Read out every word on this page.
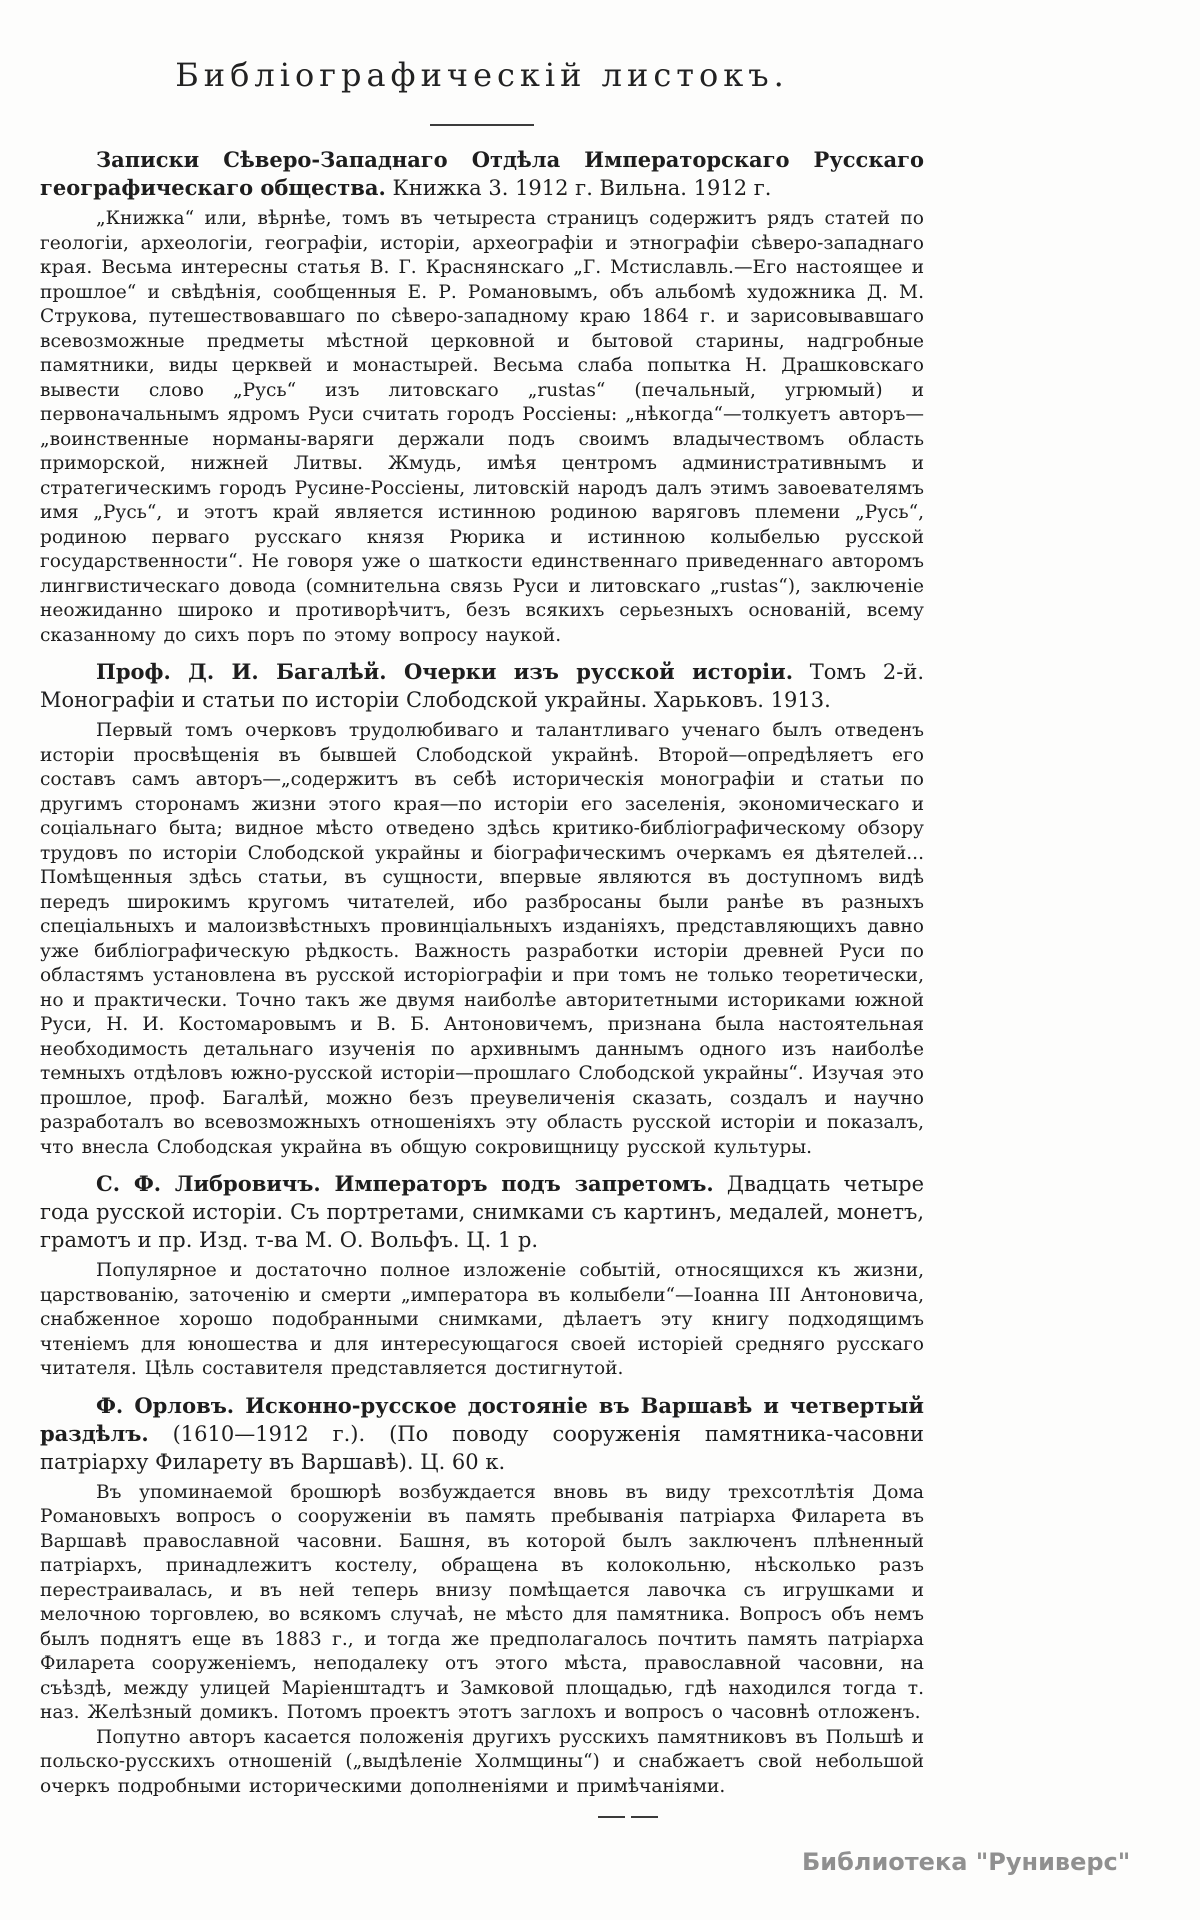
Библіографическій листокъ.
Записки Сѣверо-Западнаго Отдѣла Императорскаго Русскаго географическаго общества. Книжка 3. 1912 г. Вильна. 1912 г.

„Книжка“ или, вѣрнѣе, томъ въ четыреста страницъ содержитъ рядъ статей по геологіи, археологіи, географіи, исторіи, археографіи и этнографіи сѣверо-западнаго края. Весьма интересны статья В. Г. Краснянскаго „Г. Мстиславль.—Его настоящее и прошлое“ и свѣдѣнія, сообщенныя Е. Р. Романовымъ, объ альбомѣ художника Д. М. Струкова, путешествовавшаго по сѣверо-западному краю 1864 г. и зарисовывавшаго всевозможные предметы мѣстной церковной и бытовой старины, надгробные памятники, виды церквей и монастырей. Весьма слаба попытка Н. Драшковскаго вывести слово „Русь“ изъ литовскаго „rustas“ (печальный, угрюмый) и первоначальнымъ ядромъ Руси считать городъ Россіены: „нѣкогда“—толкуетъ авторъ—„воинственные норманы-варяги держали подъ своимъ владычествомъ область приморской, нижней Литвы. Жмудь, имѣя центромъ административнымъ и стратегическимъ городъ Русине-Россіены, литовскій народъ далъ этимъ завоевателямъ имя „Русь“, и этотъ край является истинною родиною варяговъ племени „Русь“, родиною перваго русскаго князя Рюрика и истинною колыбелью русской государственности“. Не говоря уже о шаткости единственнаго приведеннаго авторомъ лингвистическаго довода (сомнительна связь Руси и литовскаго „rustas“), заключеніе неожиданно широко и противорѣчитъ, безъ всякихъ серьезныхъ основаній, всему сказанному до сихъ поръ по этому вопросу наукой.

Проф. Д. И. Багалѣй. Очерки изъ русской исторіи. Томъ 2-й. Монографіи и статьи по исторіи Слободской украйны. Харьковъ. 1913.

Первый томъ очерковъ трудолюбиваго и талантливаго ученаго былъ отведенъ исторіи просвѣщенія въ бывшей Слободской украйнѣ. Второй—опредѣляетъ его составъ самъ авторъ—„содержитъ въ себѣ историческія монографіи и статьи по другимъ сторонамъ жизни этого края—по исторіи его заселенія, экономическаго и соціальнаго быта; видное мѣсто отведено здѣсь критико-библіографическому обзору трудовъ по исторіи Слободской украйны и біографическимъ очеркамъ ея дѣятелей... Помѣщенныя здѣсь статьи, въ сущности, впервые являются въ доступномъ видѣ передъ широкимъ кругомъ читателей, ибо разбросаны были ранѣе въ разныхъ спеціальныхъ и малоизвѣстныхъ провинціальныхъ изданіяхъ, представляющихъ давно уже библіографическую рѣдкость. Важность разработки исторіи древней Руси по областямъ установлена въ русской исторіографіи и при томъ не только теоретически, но и практически. Точно такъ же двумя наиболѣе авторитетными историками южной Руси, Н. И. Костомаровымъ и В. Б. Антоновичемъ, признана была настоятельная необходимость детальнаго изученія по архивнымъ даннымъ одного изъ наиболѣе темныхъ отдѣловъ южно-русской исторіи—прошлаго Слободской украйны“. Изучая это прошлое, проф. Багалѣй, можно безъ преувеличенія сказать, создалъ и научно разработалъ во всевозможныхъ отношеніяхъ эту область русской исторіи и показалъ, что внесла Слободская украйна въ общую сокровищницу русской культуры.

С. Ф. Либровичъ. Императоръ подъ запретомъ. Двадцать четыре года русской исторіи. Съ портретами, снимками съ картинъ, медалей, монетъ, грамотъ и пр. Изд. т-ва М. О. Вольфъ. Ц. 1 р.

Популярное и достаточно полное изложеніе событій, относящихся къ жизни, царствованію, заточенію и смерти „императора въ колыбели“—Іоанна III Антоновича, снабженное хорошо подобранными снимками, дѣлаетъ эту книгу подходящимъ чтеніемъ для юношества и для интересующагося своей исторіей средняго русскаго читателя. Цѣль составителя представляется достигнутой.

Ф. Орловъ. Исконно-русское достояніе въ Варшавѣ и четвертый раздѣлъ. (1610—1912 г.). (По поводу сооруженія памятника-часовни патріарху Филарету въ Варшавѣ). Ц. 60 к.

Въ упоминаемой брошюрѣ возбуждается вновь въ виду трехсотлѣтія Дома Романовыхъ вопросъ о сооруженіи въ память пребыванія патріарха Филарета въ Варшавѣ православной часовни. Башня, въ которой былъ заключенъ плѣненный патріархъ, принадлежитъ костелу, обращена въ колокольню, нѣсколько разъ перестраивалась, и въ ней теперь внизу помѣщается лавочка съ игрушками и мелочною торговлею, во всякомъ случаѣ, не мѣсто для памятника. Вопросъ объ немъ былъ поднятъ еще въ 1883 г., и тогда же предполагалось почтить память патріарха Филарета сооруженіемъ, неподалеку отъ этого мѣста, православной часовни, на съѣздѣ, между улицей Маріенштадтъ и Замковой площадью, гдѣ находился тогда т. наз. Желѣзный домикъ. Потомъ проектъ этотъ заглохъ и вопросъ о часовнѣ отложенъ.

Попутно авторъ касается положенія другихъ русскихъ памятниковъ въ Польшѣ и польско-русскихъ отношеній („выдѣленіе Холмщины“) и снабжаетъ свой небольшой очеркъ подробными историческими дополненіями и примѣчаніями.

Библиотека "Руниверс"
